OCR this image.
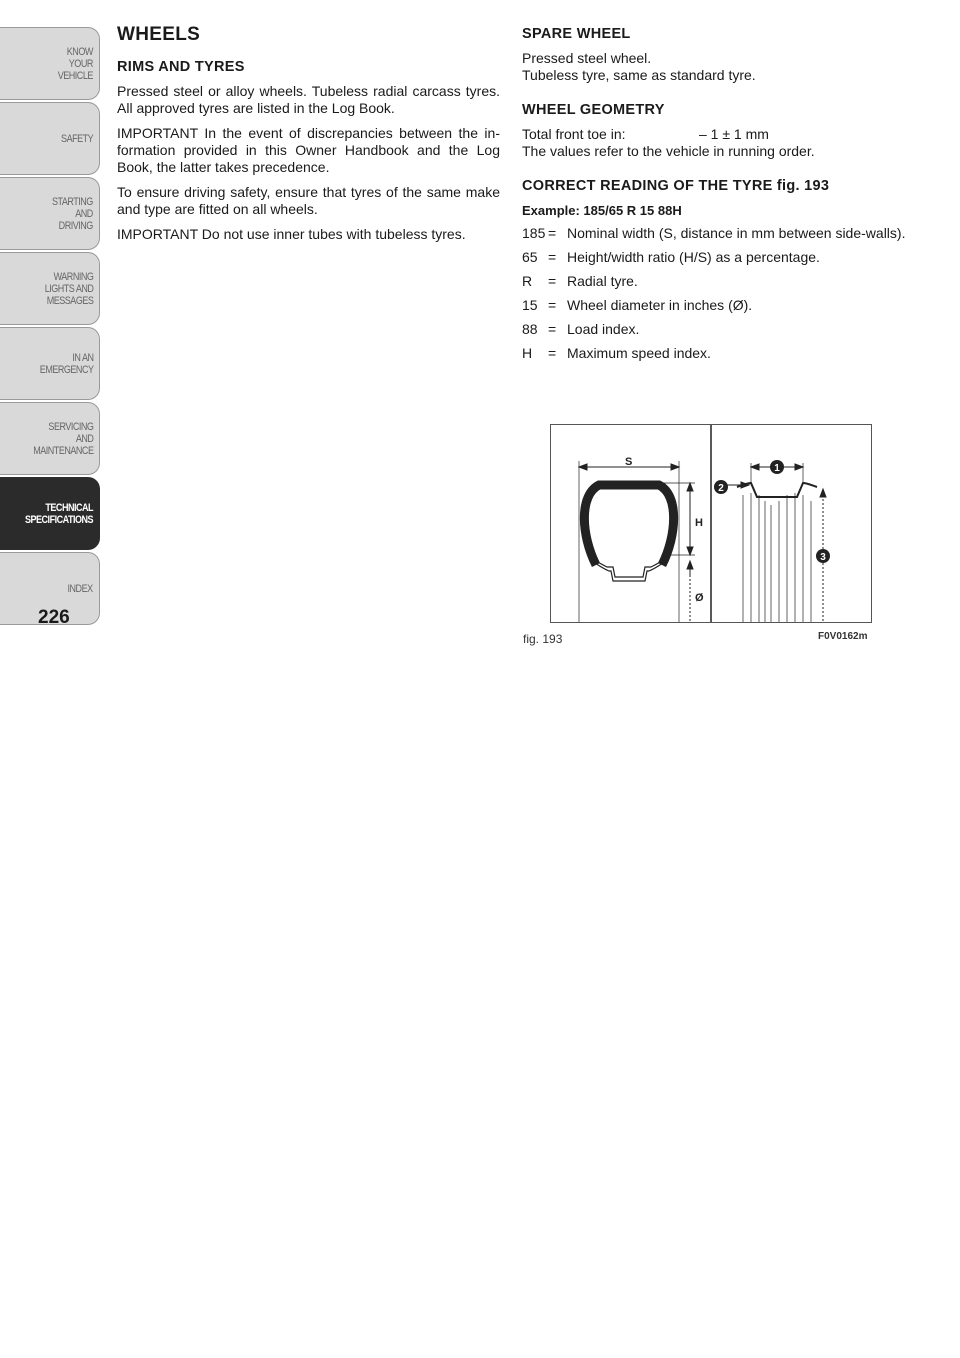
KNOW
YOUR
VEHICLE
SAFETY
STARTING
AND
DRIVING
WARNING
LIGHTS AND
MESSAGES
IN AN
EMERGENCY
SERVICING
AND
MAINTENANCE
TECHNICAL
SPECIFICATIONS
INDEX
226
WHEELS
RIMS AND TYRES

Pressed steel or alloy wheels. Tubeless radial carcass tyres. All approved tyres are listed in the Log Book.

IMPORTANT In the event of discrepancies between the in-formation provided in this Owner Handbook and the Log Book, the latter takes precedence.

To ensure driving safety, ensure that tyres of the same make and type are fitted on all wheels.

IMPORTANT Do not use inner tubes with tubeless tyres.

SPARE WHEEL
Pressed steel wheel.
Tubeless tyre, same as standard tyre.
WHEEL GEOMETRY
Total front toe in:	– 1 ± 1 mm
The values refer to the vehicle in running order.
CORRECT READING OF THE TYRE fig. 193
Example: 185/65 R 15 88H
185 = Nominal width (S, distance in mm between side-walls).
65 = Height/width ratio (H/S) as a percentage.
R	= Radial tyre.
15 = Wheel diameter in inches (Ø).
88 = Load index.
H	= Maximum speed index.
S
H
Ø
1
2
3
fig. 193	F0V0162m
